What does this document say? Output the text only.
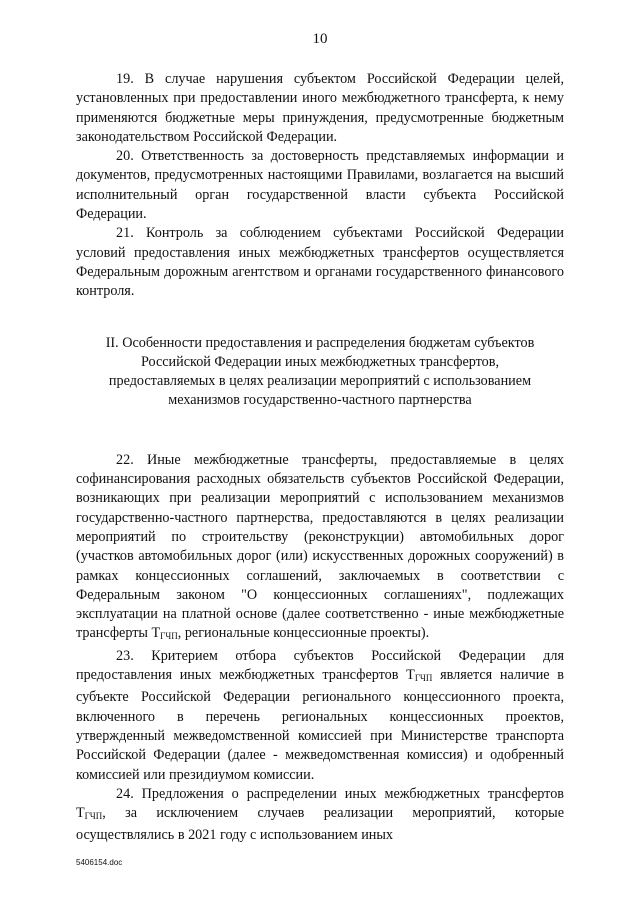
10

19. В случае нарушения субъектом Российской Федерации целей, установленных при предоставлении иного межбюджетного трансферта, к нему применяются бюджетные меры принуждения, предусмотренные бюджетным законодательством Российской Федерации.

20. Ответственность за достоверность представляемых информации и документов, предусмотренных настоящими Правилами, возлагается на высший исполнительный орган государственной власти субъекта Российской Федерации.

21. Контроль за соблюдением субъектами Российской Федерации условий предоставления иных межбюджетных трансфертов осуществляется Федеральным дорожным агентством и органами государственного финансового контроля.

II. Особенности предоставления и распределения бюджетам субъектов Российской Федерации иных межбюджетных трансфертов, предоставляемых в целях реализации мероприятий с использованием механизмов государственно-частного партнерства

22. Иные межбюджетные трансферты, предоставляемые в целях софинансирования расходных обязательств субъектов Российской Федерации, возникающих при реализации мероприятий с использованием механизмов государственно-частного партнерства, предоставляются в целях реализации мероприятий по строительству (реконструкции) автомобильных дорог (участков автомобильных дорог (или) искусственных дорожных сооружений) в рамках концессионных соглашений, заключаемых в соответствии с Федеральным законом "О концессионных соглашениях", подлежащих эксплуатации на платной основе (далее соответственно - иные межбюджетные трансферты $Т_{ГЧП}$, региональные концессионные проекты).

23. Критерием отбора субъектов Российской Федерации для предоставления иных межбюджетных трансфертов $Т_{ГЧП}$ является наличие в субъекте Российской Федерации регионального концессионного проекта, включенного в перечень региональных концессионных проектов, утвержденный межведомственной комиссией при Министерстве транспорта Российской Федерации (далее - межведомственная комиссия) и одобренный комиссией или президиумом комиссии.

24. Предложения о распределении иных межбюджетных трансфертов $Т_{ГЧП}$, за исключением случаев реализации мероприятий, которые осуществлялись в 2021 году с использованием иных

5406154.doc
